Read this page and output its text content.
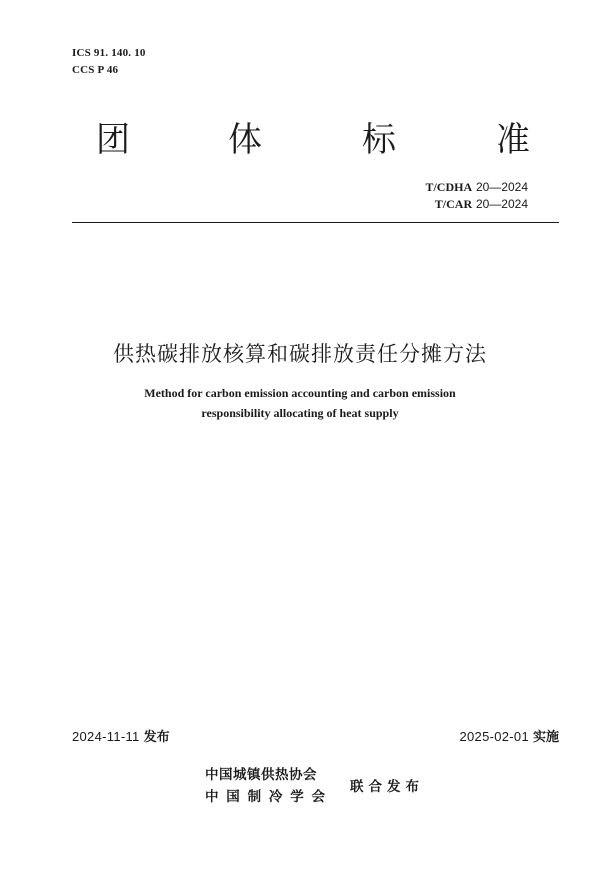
ICS 91. 140. 10
CCS P 46
团	体	标	准
T/CDHA 20—2024
T/CAR 20—2024
供热碳排放核算和碳排放责任分摊方法
Method for carbon emission accounting and carbon emission
responsibility allocating of heat supply
2024-11-11 发布	2025-02-01 实施
中国城镇供热协会
中国制冷学会
联合发布
